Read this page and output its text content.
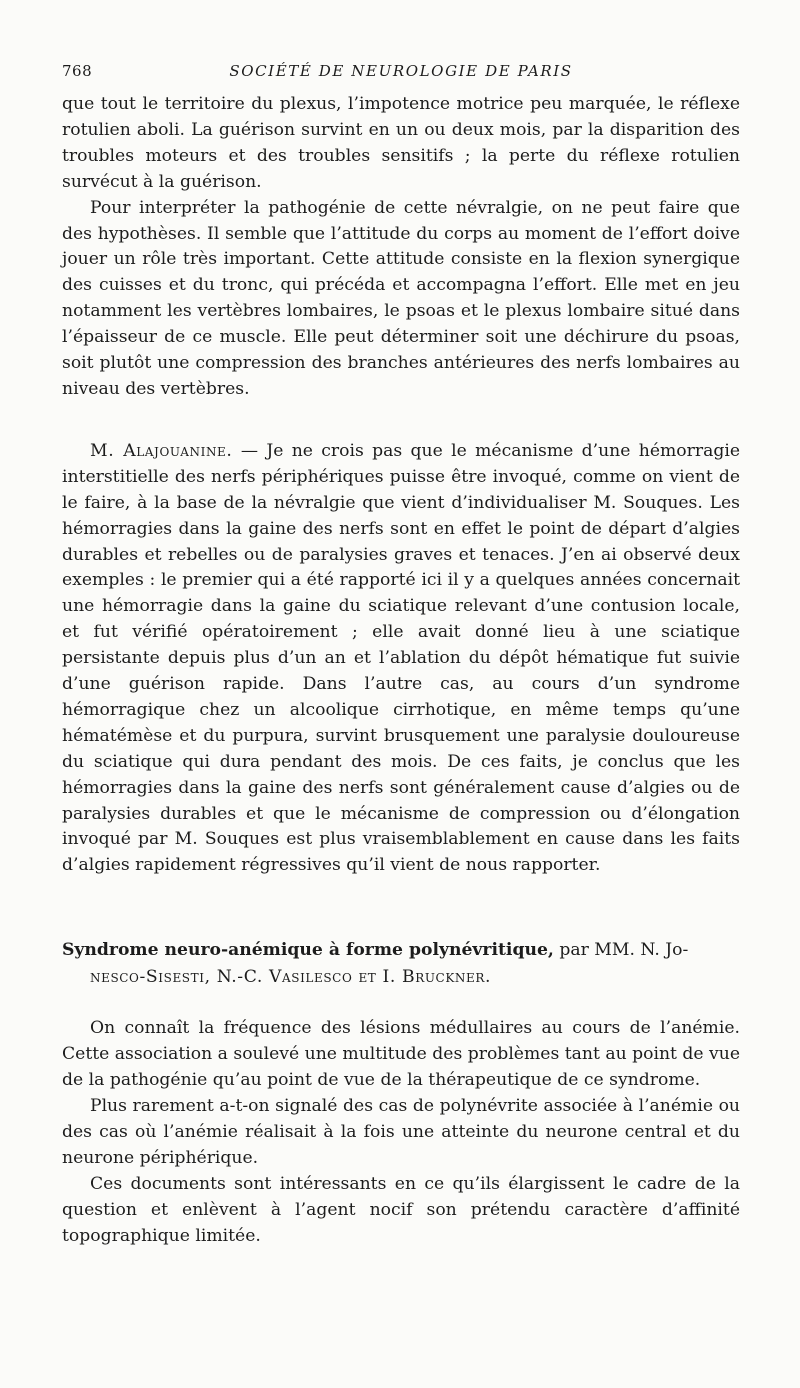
768	SOCIÉTÉ DE NEUROLOGIE DE PARIS

que tout le territoire du plexus, l’impotence motrice peu marquée, le réflexe rotulien aboli. La guérison survint en un ou deux mois, par la disparition des troubles moteurs et des troubles sensitifs ; la perte du réflexe rotulien survécut à la guérison.

Pour interpréter la pathogénie de cette névralgie, on ne peut faire que des hypothèses. Il semble que l’attitude du corps au moment de l’effort doive jouer un rôle très important. Cette attitude consiste en la flexion synergique des cuisses et du tronc, qui précéda et accompagna l’effort. Elle met en jeu notamment les vertèbres lombaires, le psoas et le plexus lombaire situé dans l’épaisseur de ce muscle. Elle peut déterminer soit une déchirure du psoas, soit plutôt une compression des branches antérieures des nerfs lombaires au niveau des vertèbres.

M. Alajouanine. — Je ne crois pas que le mécanisme d’une hémorragie interstitielle des nerfs périphériques puisse être invoqué, comme on vient de le faire, à la base de la névralgie que vient d’individualiser M. Souques. Les hémorragies dans la gaine des nerfs sont en effet le point de départ d’algies durables et rebelles ou de paralysies graves et tenaces. J’en ai observé deux exemples : le premier qui a été rapporté ici il y a quelques années concernait une hémorragie dans la gaine du sciatique relevant d’une contusion locale, et fut vérifié opératoirement ; elle avait donné lieu à une sciatique persistante depuis plus d’un an et l’ablation du dépôt hématique fut suivie d’une guérison rapide. Dans l’autre cas, au cours d’un syndrome hémorragique chez un alcoolique cirrhotique, en même temps qu’une hématémèse et du purpura, survint brusquement une paralysie douloureuse du sciatique qui dura pendant des mois. De ces faits, je conclus que les hémorragies dans la gaine des nerfs sont généralement cause d’algies ou de paralysies durables et que le mécanisme de compression ou d’élongation invoqué par M. Souques est plus vraisemblablement en cause dans les faits d’algies rapidement régressives qu’il vient de nous rapporter.

Syndrome neuro-anémique à forme polynévritique, par MM. N. Jo-
nesco-Sisesti, N.-C. Vasilesco et I. Bruckner.

On connaît la fréquence des lésions médullaires au cours de l’anémie. Cette association a soulevé une multitude des problèmes tant au point de vue de la pathogénie qu’au point de vue de la thérapeutique de ce syndrome.

Plus rarement a-t-on signalé des cas de polynévrite associée à l’anémie ou des cas où l’anémie réalisait à la fois une atteinte du neurone central et du neurone périphérique.

Ces documents sont intéressants en ce qu’ils élargissent le cadre de la question et enlèvent à l’agent nocif son prétendu caractère d’affinité topographique limitée.
